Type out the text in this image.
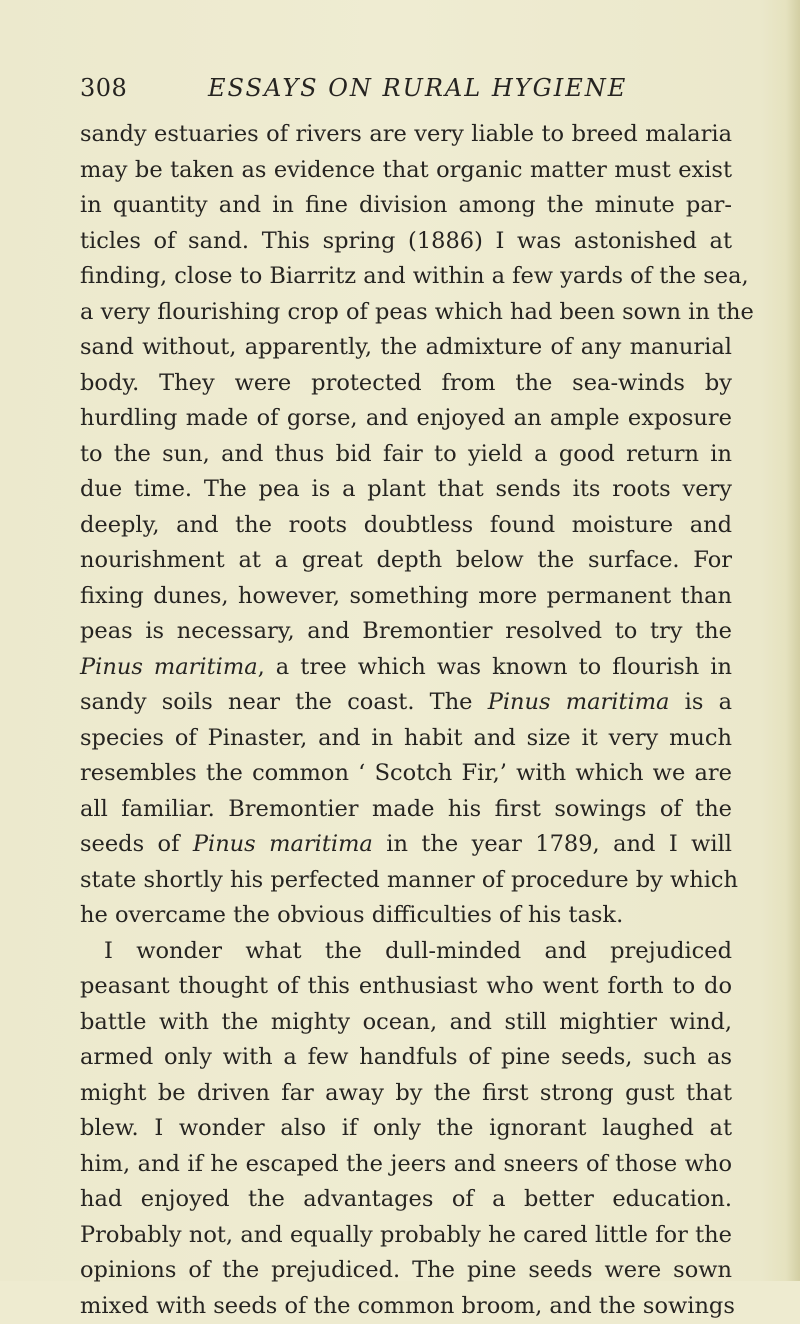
308	ESSAYS ON RURAL HYGIENE
sandy estuaries of rivers are very liable to breed malaria
may be taken as evidence that organic matter must exist
in quantity and in fine division among the minute par-
ticles of sand. This spring (1886) I was astonished at
finding, close to Biarritz and within a few yards of the sea,
a very flourishing crop of peas which had been sown in the
sand without, apparently, the admixture of any manurial
body. They were protected from the sea-winds by
hurdling made of gorse, and enjoyed an ample exposure
to the sun, and thus bid fair to yield a good return in
due time. The pea is a plant that sends its roots very
deeply, and the roots doubtless found moisture and
nourishment at a great depth below the surface. For
fixing dunes, however, something more permanent than
peas is necessary, and Bremontier resolved to try the
Pinus maritima, a tree which was known to flourish in
sandy soils near the coast. The Pinus maritima is a
species of Pinaster, and in habit and size it very much
resembles the common ‘ Scotch Fir,’ with which we are
all familiar. Bremontier made his first sowings of the
seeds of Pinus maritima in the year 1789, and I will
state shortly his perfected manner of procedure by which
he overcame the obvious difficulties of his task.
I wonder what the dull-minded and prejudiced
peasant thought of this enthusiast who went forth to do
battle with the mighty ocean, and still mightier wind,
armed only with a few handfuls of pine seeds, such as
might be driven far away by the first strong gust that
blew. I wonder also if only the ignorant laughed at
him, and if he escaped the jeers and sneers of those who
had enjoyed the advantages of a better education.
Probably not, and equally probably he cared little for the
opinions of the prejudiced. The pine seeds were sown
mixed with seeds of the common broom, and the sowings
